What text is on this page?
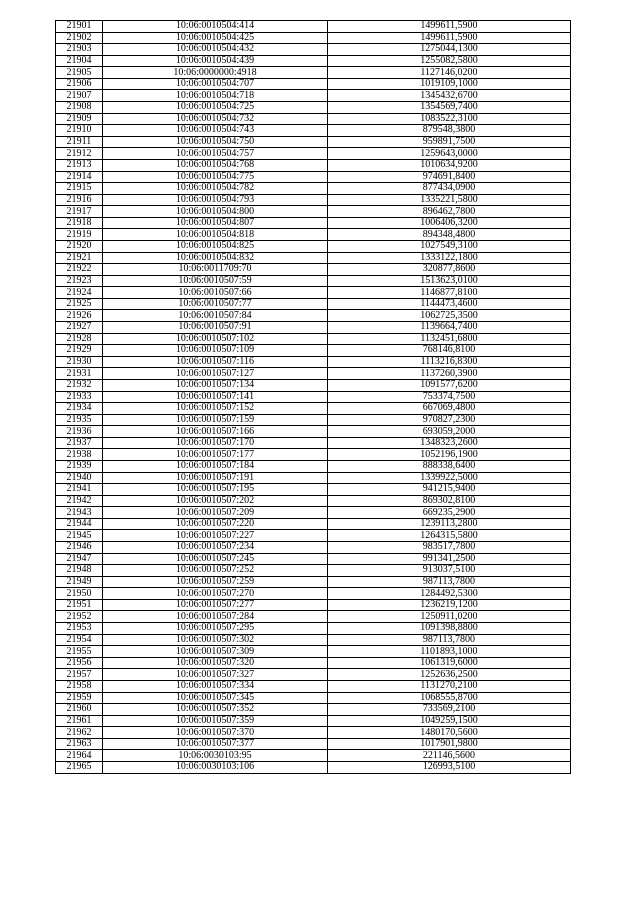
21901	10:06:0010504:414	1499611,5900
21902	10:06:0010504:425	1499611,5900
21903	10:06:0010504:432	1275044,1300
21904	10:06:0010504:439	1255082,5800
21905	10:06:0000000:4918	1127146,0200
21906	10:06:0010504:707	1019109,1000
21907	10:06:0010504:718	1345432,6700
21908	10:06:0010504:725	1354569,7400
21909	10:06:0010504:732	1083522,3100
21910	10:06:0010504:743	879548,3800
21911	10:06:0010504:750	959891,7500
21912	10:06:0010504:757	1259643,0000
21913	10:06:0010504:768	1010634,9200
21914	10:06:0010504:775	974691,8400
21915	10:06:0010504:782	877434,0900
21916	10:06:0010504:793	1335221,5800
21917	10:06:0010504:800	896462,7800
21918	10:06:0010504:807	1006406,3200
21919	10:06:0010504:818	894348,4800
21920	10:06:0010504:825	1027549,3100
21921	10:06:0010504:832	1333122,1800
21922	10:06:0011709:70	320877,8600
21923	10:06:0010507:59	1513623,0100
21924	10:06:0010507:66	1146877,8100
21925	10:06:0010507:77	1144473,4600
21926	10:06:0010507:84	1062725,3500
21927	10:06:0010507:91	1139664,7400
21928	10:06:0010507:102	1132451,6800
21929	10:06:0010507:109	768146,8100
21930	10:06:0010507:116	1113216,8300
21931	10:06:0010507:127	1137260,3900
21932	10:06:0010507:134	1091577,6200
21933	10:06:0010507:141	753374,7500
21934	10:06:0010507:152	667069,4800
21935	10:06:0010507:159	970827,2300
21936	10:06:0010507:166	693059,2000
21937	10:06:0010507:170	1348323,2600
21938	10:06:0010507:177	1052196,1900
21939	10:06:0010507:184	888338,6400
21940	10:06:0010507:191	1339922,5000
21941	10:06:0010507:195	941215,9400
21942	10:06:0010507:202	869302,8100
21943	10:06:0010507:209	669235,2900
21944	10:06:0010507:220	1239113,2800
21945	10:06:0010507:227	1264315,5800
21946	10:06:0010507:234	983517,7800
21947	10:06:0010507:245	991341,2500
21948	10:06:0010507:252	913037,5100
21949	10:06:0010507:259	987113,7800
21950	10:06:0010507:270	1284492,5300
21951	10:06:0010507:277	1236219,1200
21952	10:06:0010507:284	1250911,0200
21953	10:06:0010507:295	1091398,8800
21954	10:06:0010507:302	987113,7800
21955	10:06:0010507:309	1101893,1000
21956	10:06:0010507:320	1061319,6000
21957	10:06:0010507:327	1252636,2500
21958	10:06:0010507:334	1131270,2100
21959	10:06:0010507:345	1068555,8700
21960	10:06:0010507:352	733569,2100
21961	10:06:0010507:359	1049259,1500
21962	10:06:0010507:370	1480170,5600
21963	10:06:0010507:377	1017901,9800
21964	10:06:0030103:95	221146,5600
21965	10:06:0030103:106	126993,5100
